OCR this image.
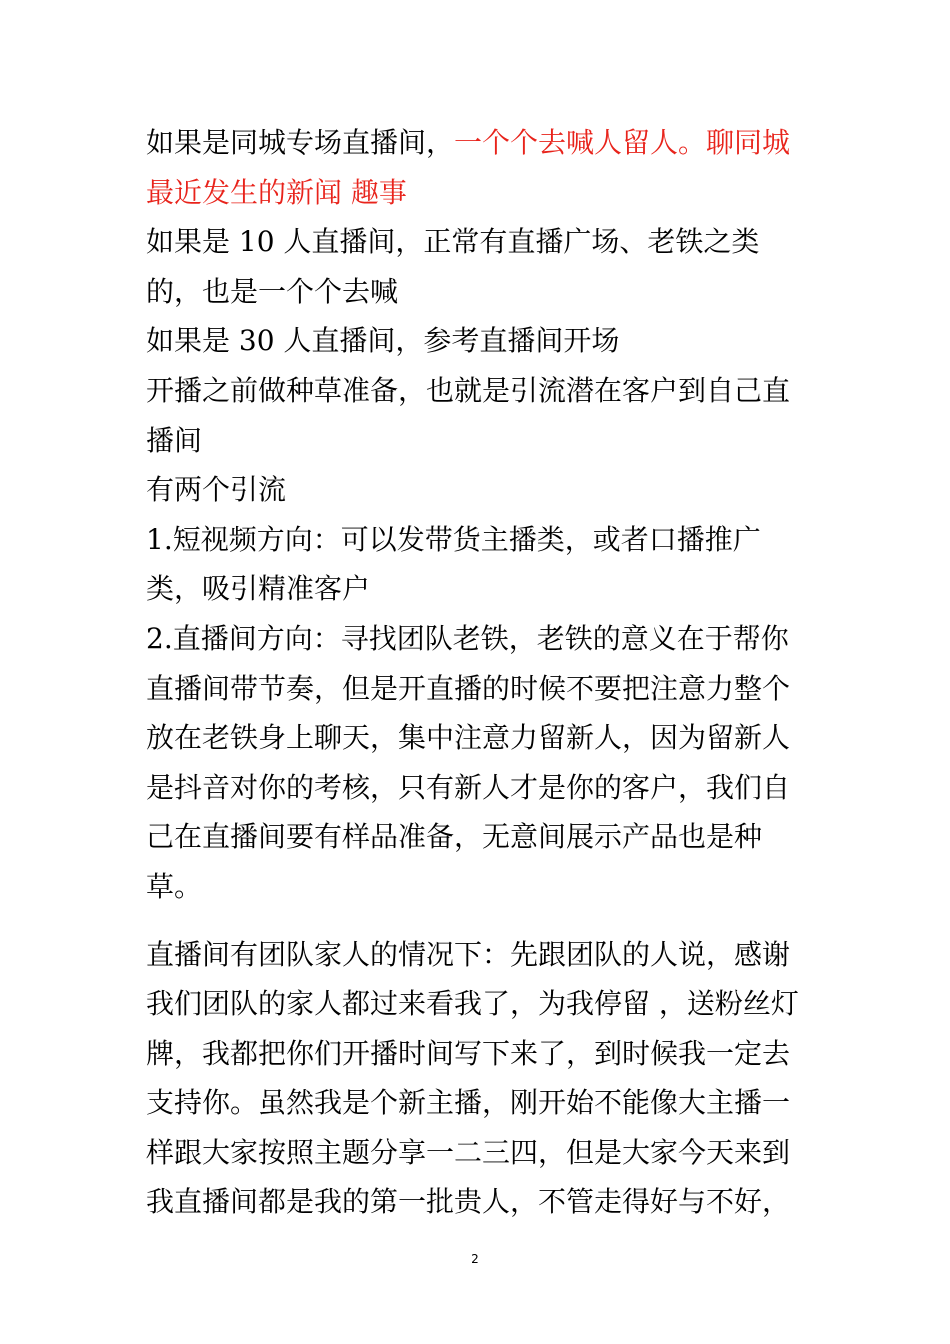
如果是同城专场直播间，一个个去喊人留人。聊同城最近发生的新闻 趣事

如果是 10 人直播间，正常有直播广场、老铁之类的，也是一个个去喊

如果是 30 人直播间，参考直播间开场

开播之前做种草准备，也就是引流潜在客户到自己直播间

有两个引流

1.短视频方向：可以发带货主播类，或者口播推广类，吸引精准客户

2.直播间方向：寻找团队老铁，老铁的意义在于帮你直播间带节奏，但是开直播的时候不要把注意力整个放在老铁身上聊天，集中注意力留新人，因为留新人是抖音对你的考核，只有新人才是你的客户，我们自己在直播间要有样品准备，无意间展示产品也是种草。

直播间有团队家人的情况下：先跟团队的人说，感谢我们团队的家人都过来看我了，为我停留 ，送粉丝灯牌，我都把你们开播时间写下来了，到时候我一定去支持你。虽然我是个新主播，刚开始不能像大主播一样跟大家按照主题分享一二三四，但是大家今天来到我直播间都是我的第一批贵人，不管走得好与不好，

2
